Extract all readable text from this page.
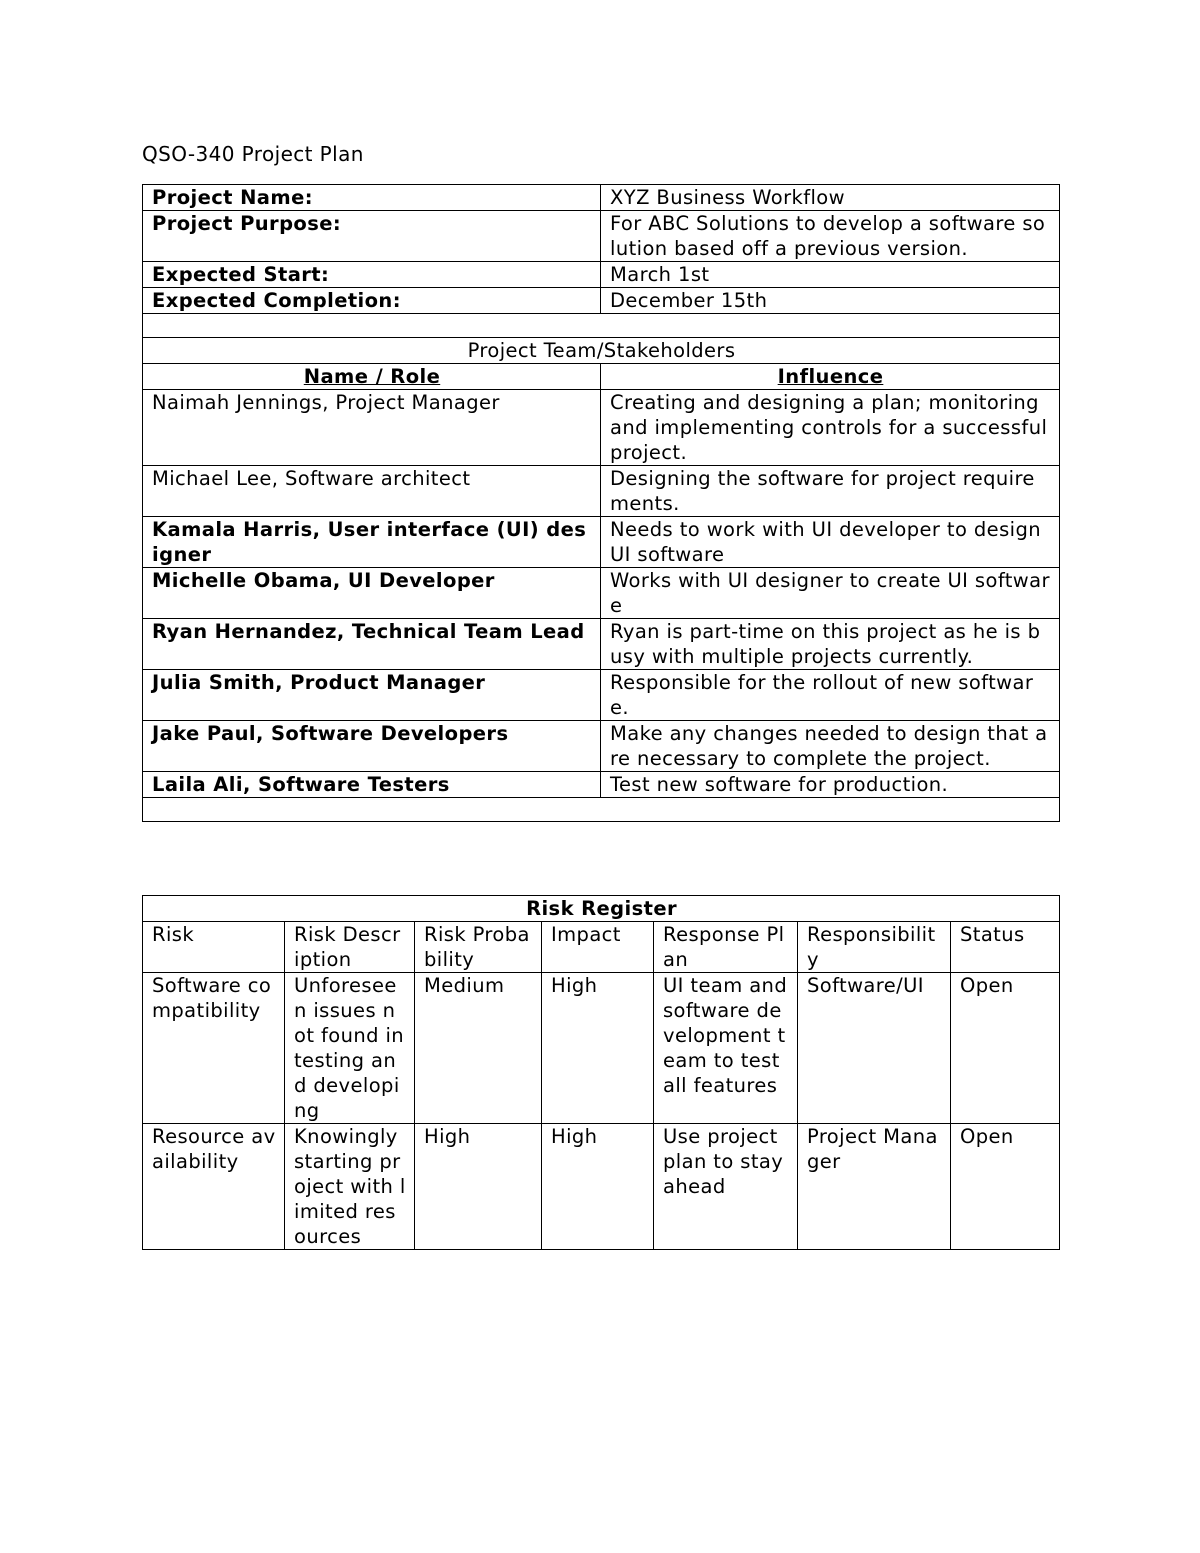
QSO-340 Project Plan
Project Name:	XYZ Business Workflow
Project Purpose:	For ABC Solutions to develop a software solution based off a previous version.
Expected Start:	March 1st
Expected Completion:	December 15th

Project Team/Stakeholders	
Name / Role	Influence
Naimah Jennings, Project Manager	Creating and designing a plan; monitoring and implementing controls for a successful project.
Michael Lee, Software architect	Designing the software for project requirements.
Kamala Harris, User interface (UI) designer	Needs to work with UI developer to design UI software
Michelle Obama, UI Developer	Works with UI designer to create UI software
Ryan Hernandez, Technical Team Lead	Ryan is part-time on this project as he is busy with multiple projects currently.
Julia Smith, Product Manager	Responsible for the rollout of new software.
Jake Paul, Software Developers	Make any changes needed to design that are necessary to complete the project.
Laila Ali, Software Testers	Test new software for production.

Risk Register						
Risk	Risk Description	Risk Probability	Impact	Response Plan	Responsibility	Status
Software compatibility	Unforeseen issues not found in testing and developing	Medium	High	UI team and software development team to test all features	Software/UI	Open
Resource availability	Knowingly starting project with limited resources	High	High	Use project plan to stay ahead	Project Manager	Open
